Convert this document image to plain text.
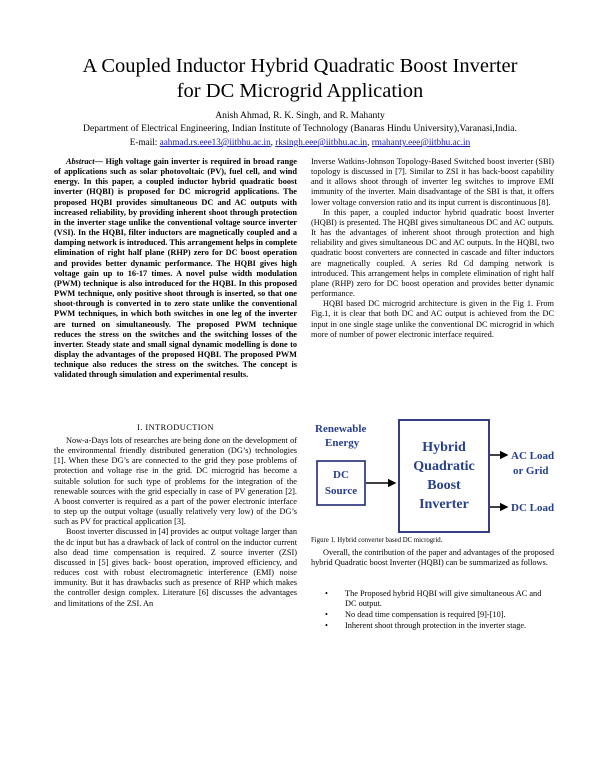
A Coupled Inductor Hybrid Quadratic Boost Inverter
for DC Microgrid Application
Anish Ahmad, R. K. Singh, and R. Mahanty
Department of Electrical Engineering, Indian Institute of Technology (Banaras Hindu University),Varanasi,India.
E-mail: aahmad.rs.eee13@iitbhu.ac.in, rksingh.eee@iitbhu.ac.in, rmahanty.eee@iitbhu.ac.in

Abstract— High voltage gain inverter is required in broad range of applications such as solar photovoltaic (PV), fuel cell, and wind energy. In this paper, a coupled inductor hybrid quadratic boost inverter (HQBI) is proposed for DC microgrid applications. The proposed HQBI provides simultaneous DC and AC outputs with increased reliability, by providing inherent shoot through protection in the inverter stage unlike the conventional voltage source inverter (VSI). In the HQBI, filter inductors are magnetically coupled and a damping network is introduced. This arrangement helps in complete elimination of right half plane (RHP) zero for DC boost operation and provides better dynamic performance. The HQBI gives high voltage gain up to 16-17 times. A novel pulse width modulation (PWM) technique is also introduced for the HQBI. In this proposed PWM technique, only positive shoot through is inserted, so that one shoot-through is converted in to zero state unlike the conventional PWM techniques, in which both switches in one leg of the inverter are turned on simultaneously. The proposed PWM technique reduces the stress on the switches and the switching losses of the inverter. Steady state and small signal dynamic modelling is done to display the advantages of the proposed HQBI. The proposed PWM technique also reduces the stress on the switches. The concept is validated through simulation and experimental results.

I. INTRODUCTION

Now-a-Days lots of researches are being done on the development of the environmental friendly distributed generation (DG’s) technologies [1]. When these DG’s are connected to the grid they pose problems of protection and voltage rise in the grid. DC microgrid has become a suitable solution for such type of problems for the integration of the renewable sources with the grid especially in case of PV generation [2]. A boost converter is required as a part of the power electronic interface to step up the output voltage (usually relatively very low) of the DG’s such as PV for practical application [3].

Boost inverter discussed in [4] provides ac output voltage larger than the dc input but has a drawback of lack of control on the inductor current also dead time compensation is required. Z source inverter (ZSI) discussed in [5] gives back- boost operation, improved efficiency, and reduces cost with robust electromagnetic interference (EMI) noise immunity. But it has drawbacks such as presence of RHP which makes the controller design complex. Literature [6] discusses the advantages and limitations of the ZSI. An

Inverse Watkins-Johnson Topology-Based Switched boost inverter (SBI) topology is discussed in [7]. Similar to ZSI it has back-boost capability and it allows shoot through of inverter leg switches to improve EMI immunity of the inverter. Main disadvantage of the SBI is that, it offers lower voltage conversion ratio and its input current is discontinuous [8].

In this paper, a coupled inductor hybrid quadratic boost Inverter (HQBI) is presented. The HQBI gives simultaneous DC and AC outputs. It has the advantages of inherent shoot through protection and high reliability and gives simultaneous DC and AC outputs. In the HQBI, two quadratic boost converters are connected in cascade and filter inductors are magnetically coupled. A series Rd Cd damping network is introduced. This arrangement helps in complete elimination of right half plane (RHP) zero for DC boost operation and provides better dynamic performance.

HQBI based DC microgrid architecture is given in the Fig 1. From Fig.1, it is clear that both DC and AC output is achieved from the DC input in one single stage unlike the conventional DC microgrid in which more of number of power electronic interface required.

Renewable
Energy
DC
Source
Hybrid
Quadratic
Boost
Inverter
AC Load
or Grid
DC Load
Figure 1. Hybrid converter based DC microgrid.

Overall, the contribution of the paper and advantages of the proposed hybrid Quadratic boost Inverter (HQBI) can be summarized as follows.

• The Proposed hybrid HQBI will give simultaneous AC and DC output.
• No dead time compensation is required [9]-[10].
• Inherent shoot through protection in the inverter stage.
